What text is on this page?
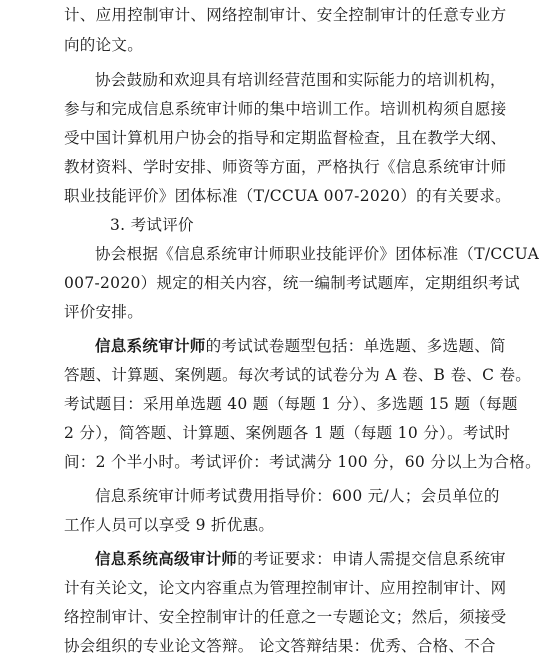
计、应用控制审计、网络控制审计、安全控制审计的任意专业方
向的论文。
协会鼓励和欢迎具有培训经营范围和实际能力的培训机构，
参与和完成信息系统审计师的集中培训工作。培训机构须自愿接
受中国计算机用户协会的指导和定期监督检查，且在教学大纲、
教材资料、学时安排、师资等方面，严格执行《信息系统审计师
职业技能评价》团体标准（T/CCUA 007-2020）的有关要求。
3. 考试评价
协会根据《信息系统审计师职业技能评价》团体标准（T/CCUA
007-2020）规定的相关内容，统一编制考试题库，定期组织考试
评价安排。
信息系统审计师的考试试卷题型包括：单选题、多选题、简
答题、计算题、案例题。每次考试的试卷分为 A 卷、B 卷、C 卷。
考试题目：采用单选题 40 题（每题 1 分）、多选题 15 题（每题
2 分），简答题、计算题、案例题各 1 题（每题 10 分）。考试时
间：2 个半小时。考试评价：考试满分 100 分，60 分以上为合格。
信息系统审计师考试费用指导价：600 元/人；会员单位的
工作人员可以享受 9 折优惠。
信息系统高级审计师的考证要求：申请人需提交信息系统审
计有关论文，论文内容重点为管理控制审计、应用控制审计、网
络控制审计、安全控制审计的任意之一专题论文；然后，须接受
协会组织的专业论文答辩。 论文答辩结果：优秀、合格、不合
